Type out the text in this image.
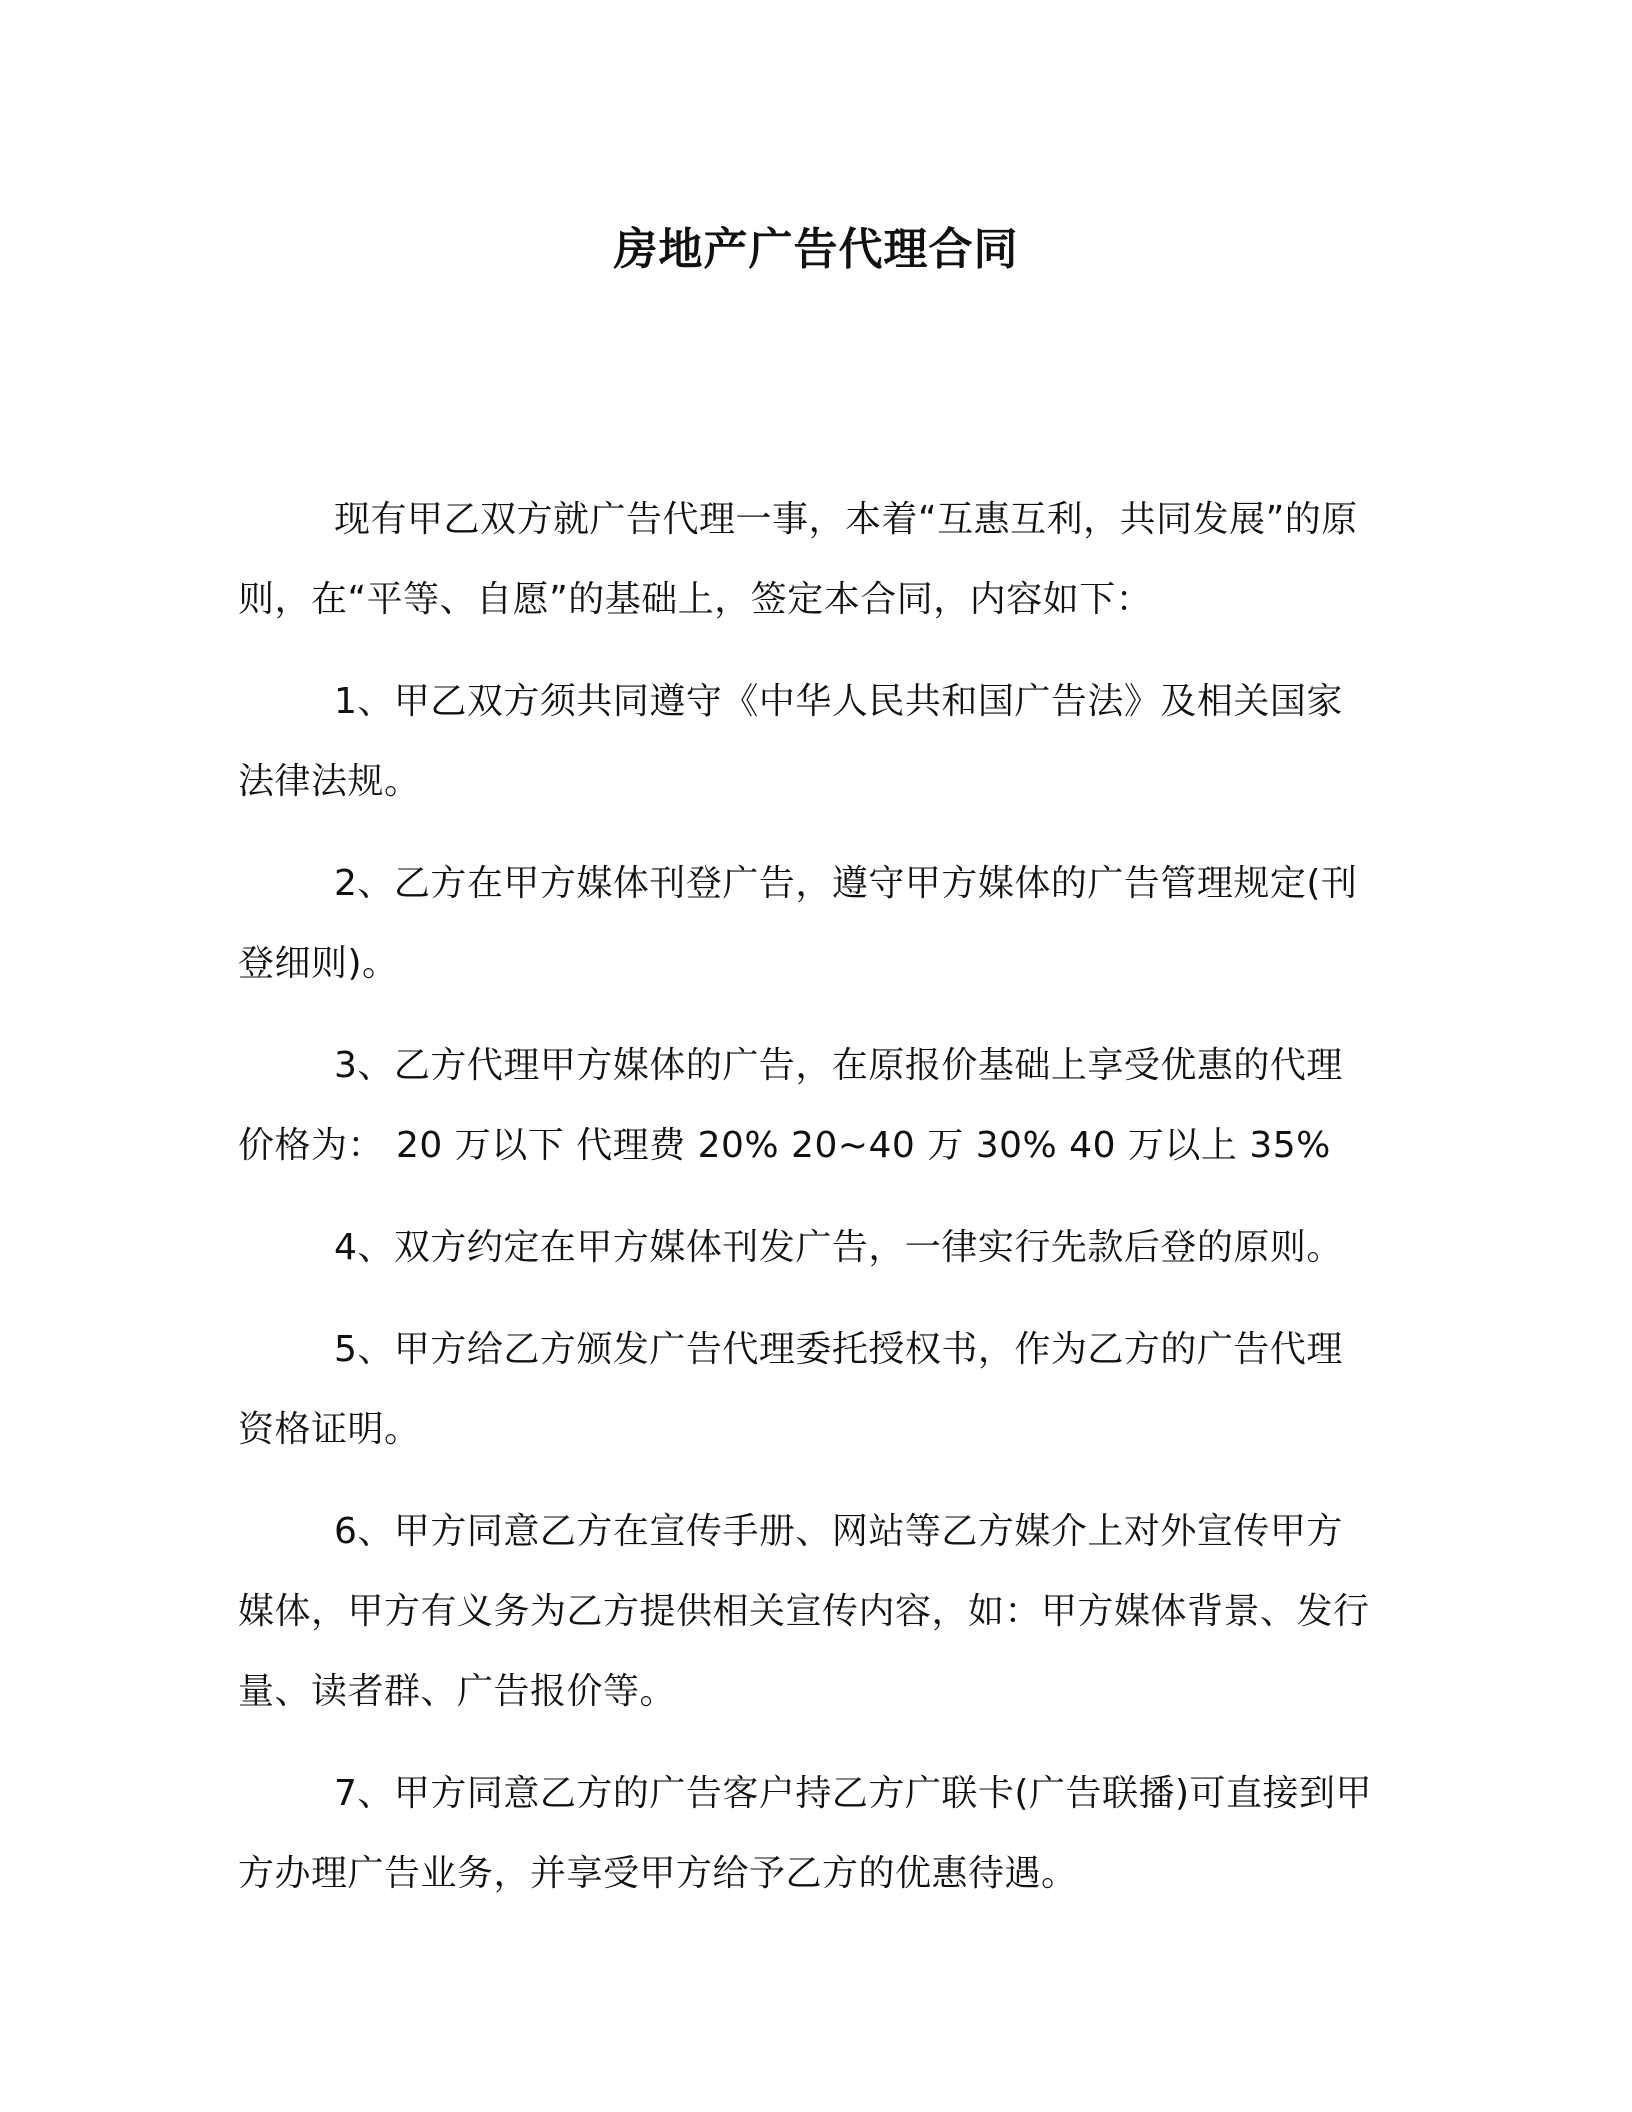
房地产广告代理合同

现有甲乙双方就广告代理一事，本着“互惠互利，共同发展”的原则，在“平等、自愿”的基础上，签定本合同，内容如下：

1、甲乙双方须共同遵守《中华人民共和国广告法》及相关国家法律法规。

2、乙方在甲方媒体刊登广告，遵守甲方媒体的广告管理规定(刊登细则)。

3、乙方代理甲方媒体的广告，在原报价基础上享受优惠的代理价格为： 20 万以下 代理费 20% 20~40 万 30% 40 万以上 35%

4、双方约定在甲方媒体刊发广告，一律实行先款后登的原则。

5、甲方给乙方颁发广告代理委托授权书，作为乙方的广告代理资格证明。

6、甲方同意乙方在宣传手册、网站等乙方媒介上对外宣传甲方媒体，甲方有义务为乙方提供相关宣传内容，如：甲方媒体背景、发行量、读者群、广告报价等。

7、甲方同意乙方的广告客户持乙方广联卡(广告联播)可直接到甲方办理广告业务，并享受甲方给予乙方的优惠待遇。
